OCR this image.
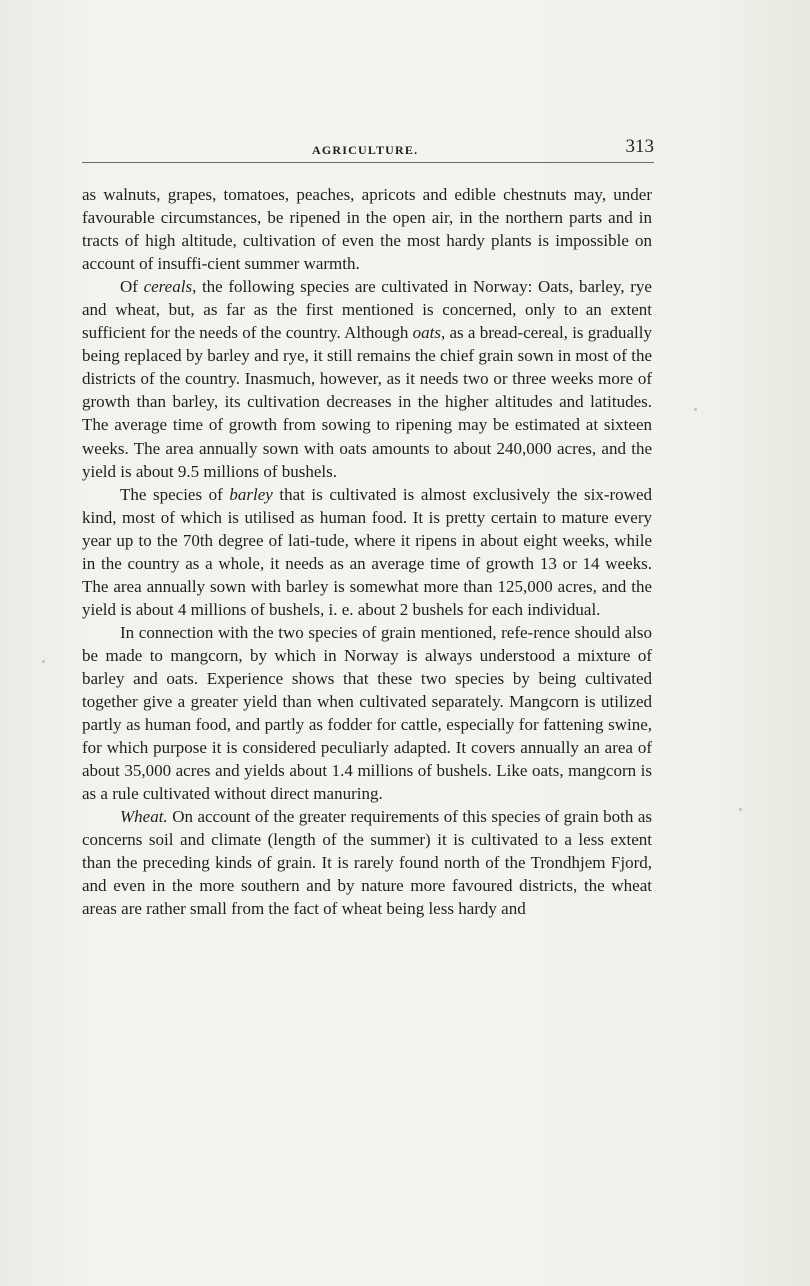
AGRICULTURE.	313

as walnuts, grapes, tomatoes, peaches, apricots and edible chestnuts may, under favourable circumstances, be ripened in the open air, in the northern parts and in tracts of high altitude, cultivation of even the most hardy plants is impossible on account of insuffi-cient summer warmth.

Of cereals, the following species are cultivated in Norway: Oats, barley, rye and wheat, but, as far as the first mentioned is concerned, only to an extent sufficient for the needs of the country. Although oats, as a bread-cereal, is gradually being replaced by barley and rye, it still remains the chief grain sown in most of the districts of the country. Inasmuch, however, as it needs two or three weeks more of growth than barley, its cultivation decreases in the higher altitudes and latitudes. The average time of growth from sowing to ripening may be estimated at sixteen weeks. The area annually sown with oats amounts to about 240,000 acres, and the yield is about 9.5 millions of bushels.

The species of barley that is cultivated is almost exclusively the six-rowed kind, most of which is utilised as human food. It is pretty certain to mature every year up to the 70th degree of lati-tude, where it ripens in about eight weeks, while in the country as a whole, it needs as an average time of growth 13 or 14 weeks. The area annually sown with barley is somewhat more than 125,000 acres, and the yield is about 4 millions of bushels, i. e. about 2 bushels for each individual.

In connection with the two species of grain mentioned, refe-rence should also be made to mangcorn, by which in Norway is always understood a mixture of barley and oats. Experience shows that these two species by being cultivated together give a greater yield than when cultivated separately. Mangcorn is utilized partly as human food, and partly as fodder for cattle, especially for fattening swine, for which purpose it is considered peculiarly adapted. It covers annually an area of about 35,000 acres and yields about 1.4 millions of bushels. Like oats, mangcorn is as a rule cultivated without direct manuring.

Wheat. On account of the greater requirements of this species of grain both as concerns soil and climate (length of the summer) it is cultivated to a less extent than the preceding kinds of grain. It is rarely found north of the Trondhjem Fjord, and even in the more southern and by nature more favoured districts, the wheat areas are rather small from the fact of wheat being less hardy and
